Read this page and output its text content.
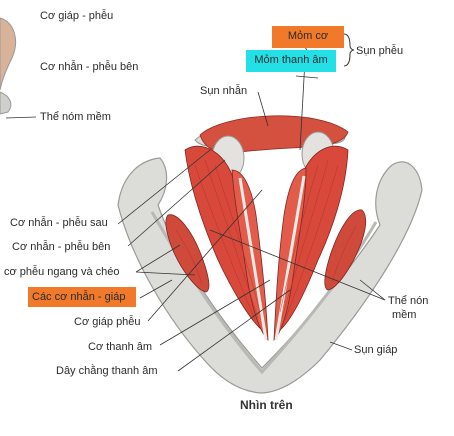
Mỏm cơ
Mỏm thanh âm
Các cơ nhẫn - giáp
Cơ giáp - phễu
Cơ nhẫn - phễu bên
Thể nóm mềm
Sụn phễu
Sụn nhẫn
Cơ nhẫn - phễu sau
Cơ nhẫn - phễu bên
cơ phễu ngang và chéo
Cơ giáp phễu
Cơ thanh âm
Dây chằng thanh âm
Thể nón
mềm
Sụn giáp
Nhìn trên
